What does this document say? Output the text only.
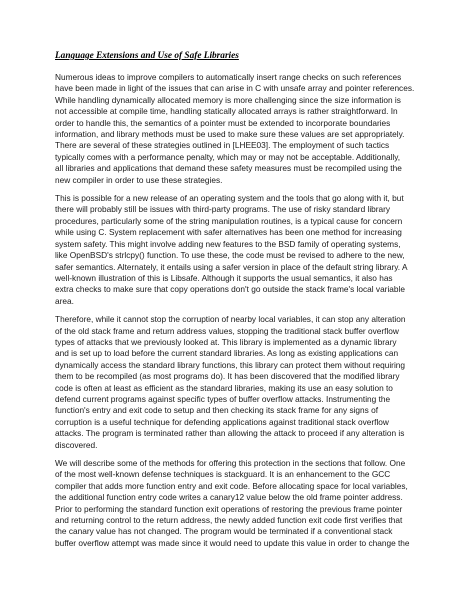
Language Extensions and Use of Safe Libraries
Numerous ideas to improve compilers to automatically insert range checks on such references
have been made in light of the issues that can arise in C with unsafe array and pointer references.
While handling dynamically allocated memory is more challenging since the size information is
not accessible at compile time, handling statically allocated arrays is rather straightforward. In
order to handle this, the semantics of a pointer must be extended to incorporate boundaries
information, and library methods must be used to make sure these values are set appropriately.
There are several of these strategies outlined in [LHEE03]. The employment of such tactics
typically comes with a performance penalty, which may or may not be acceptable. Additionally,
all libraries and applications that demand these safety measures must be recompiled using the
new compiler in order to use these strategies.
This is possible for a new release of an operating system and the tools that go along with it, but
there will probably still be issues with third-party programs. The use of risky standard library
procedures, particularly some of the string manipulation routines, is a typical cause for concern
while using C. System replacement with safer alternatives has been one method for increasing
system safety. This might involve adding new features to the BSD family of operating systems,
like OpenBSD's strlcpy() function. To use these, the code must be revised to adhere to the new,
safer semantics. Alternately, it entails using a safer version in place of the default string library. A
well-known illustration of this is Libsafe. Although it supports the usual semantics, it also has
extra checks to make sure that copy operations don't go outside the stack frame's local variable
area.
Therefore, while it cannot stop the corruption of nearby local variables, it can stop any alteration
of the old stack frame and return address values, stopping the traditional stack buffer overflow
types of attacks that we previously looked at. This library is implemented as a dynamic library
and is set up to load before the current standard libraries. As long as existing applications can
dynamically access the standard library functions, this library can protect them without requiring
them to be recompiled (as most programs do). It has been discovered that the modified library
code is often at least as efficient as the standard libraries, making its use an easy solution to
defend current programs against specific types of buffer overflow attacks. Instrumenting the
function's entry and exit code to setup and then checking its stack frame for any signs of
corruption is a useful technique for defending applications against traditional stack overflow
attacks. The program is terminated rather than allowing the attack to proceed if any alteration is
discovered.
We will describe some of the methods for offering this protection in the sections that follow. One
of the most well-known defense techniques is stackguard. It is an enhancement to the GCC
compiler that adds more function entry and exit code. Before allocating space for local variables,
the additional function entry code writes a canary12 value below the old frame pointer address.
Prior to performing the standard function exit operations of restoring the previous frame pointer
and returning control to the return address, the newly added function exit code first verifies that
the canary value has not changed. The program would be terminated if a conventional stack
buffer overflow attempt was made since it would need to update this value in order to change the
